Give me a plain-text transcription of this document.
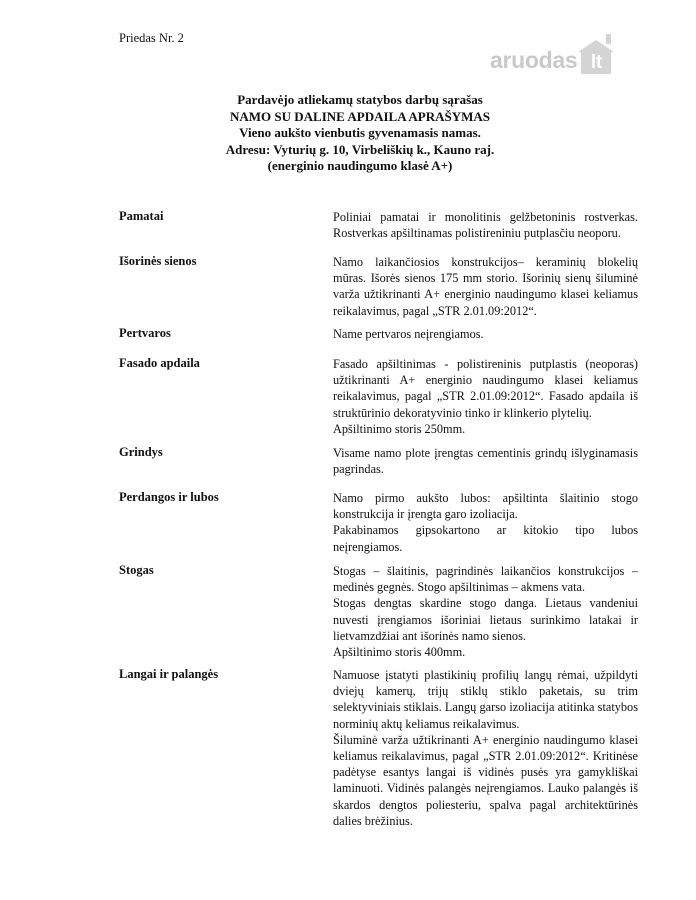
Priedas Nr. 2
aruodas lt
Pardavėjo atliekamų statybos darbų sąrašas
NAMO SU DALINE APDAILA APRAŠYMAS
Vieno aukšto vienbutis gyvenamasis namas.
Adresu: Vyturių g. 10, Virbeliškių k., Kauno raj.
(energinio naudingumo klasė A+)
Pamatai	Poliniai pamatai ir monolitinis gelžbetoninis rostverkas. Rostverkas apšiltinamas polistireniniu putplasčiu neoporu.

Išorinės sienos	Namo laikančiosios konstrukcijos– keraminių blokelių mūras. Išorės sienos 175 mm storio. Išorinių sienų šiluminė varža užtikrinanti A+ energinio naudingumo klasei keliamus reikalavimus, pagal „STR 2.01.09:2012“.

Pertvaros	Name pertvaros neįrengiamos.

Fasado apdaila	Fasado apšiltinimas - polistireninis putplastis (neoporas) užtikrinanti A+ energinio naudingumo klasei keliamus reikalavimus, pagal „STR 2.01.09:2012“. Fasado apdaila iš struktūrinio dekoratyvinio tinko ir klinkerio plytelių.

Apšiltinimo storis 250mm.

Grindys	Visame namo plote įrengtas cementinis grindų išlyginamasis pagrindas.

Perdangos ir lubos	Namo pirmo aukšto lubos: apšiltinta šlaitinio stogo konstrukcija ir įrengta garo izoliacija.

Pakabinamos gipsokartono ar kitokio tipo lubos neįrengiamos.

Stogas	Stogas – šlaitinis, pagrindinės laikančios konstrukcijos – medinės gegnės. Stogo apšiltinimas – akmens vata.

Stogas dengtas skardine stogo danga. Lietaus vandeniui nuvesti įrengiamos išoriniai lietaus surinkimo latakai ir lietvamzdžiai ant išorinės namo sienos.

Apšiltinimo storis 400mm.

Langai ir palangės	Namuose įstatyti plastikinių profilių langų rėmai, užpildyti dviejų kamerų, trijų stiklų stiklo paketais, su trim selektyviniais stiklais. Langų garso izoliacija atitinka statybos norminių aktų keliamus reikalavimus.

Šiluminė varža užtikrinanti A+ energinio naudingumo klasei keliamus reikalavimus, pagal „STR 2.01.09:2012“. Kritinėse padėtyse esantys langai iš vidinės pusės yra gamykliškai laminuoti. Vidinės palangės neįrengiamos. Lauko palangės iš skardos dengtos poliesteriu, spalva pagal architektūrinės dalies brėžinius.
